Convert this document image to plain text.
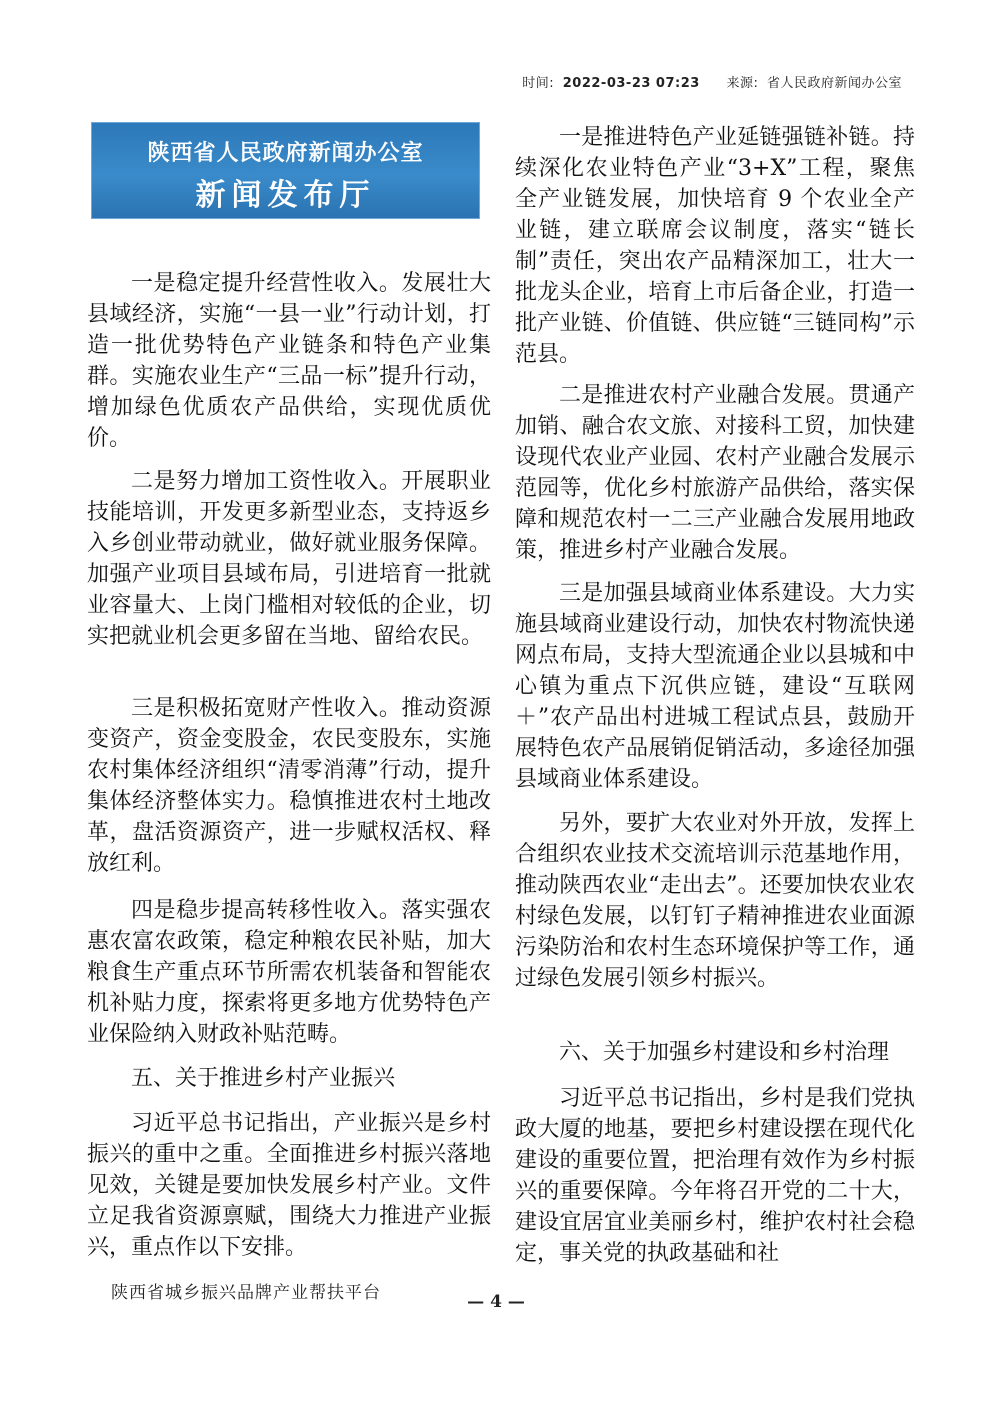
时间: 2022-03-23 07:23 来源: 省人民政府新闻办公室
陕西省人民政府新闻办公室
新闻发布厅

一是稳定提升经营性收入。发展壮大县域经济，实施“一县一业”行动计划，打造一批优势特色产业链条和特色产业集群。实施农业生产“三品一标”提升行动，增加绿色优质农产品供给，实现优质优价。

二是努力增加工资性收入。开展职业技能培训，开发更多新型业态，支持返乡入乡创业带动就业，做好就业服务保障。加强产业项目县域布局，引进培育一批就业容量大、上岗门槛相对较低的企业，切实把就业机会更多留在当地、留给农民。

三是积极拓宽财产性收入。推动资源变资产，资金变股金，农民变股东，实施农村集体经济组织“清零消薄”行动，提升集体经济整体实力。稳慎推进农村土地改革，盘活资源资产，进一步赋权活权、释放红利。

四是稳步提高转移性收入。落实强农惠农富农政策，稳定种粮农民补贴，加大粮食生产重点环节所需农机装备和智能农机补贴力度，探索将更多地方优势特色产业保险纳入财政补贴范畴。

五、关于推进乡村产业振兴

习近平总书记指出，产业振兴是乡村振兴的重中之重。全面推进乡村振兴落地见效，关键是要加快发展乡村产业。文件立足我省资源禀赋，围绕大力推进产业振兴，重点作以下安排。

一是推进特色产业延链强链补链。持续深化农业特色产业“3+X”工程，聚焦全产业链发展，加快培育 9 个农业全产业链，建立联席会议制度，落实“链长制”责任，突出农产品精深加工，壮大一批龙头企业，培育上市后备企业，打造一批产业链、价值链、供应链“三链同构”示范县。

二是推进农村产业融合发展。贯通产加销、融合农文旅、对接科工贸，加快建设现代农业产业园、农村产业融合发展示范园等，优化乡村旅游产品供给，落实保障和规范农村一二三产业融合发展用地政策，推进乡村产业融合发展。

三是加强县域商业体系建设。大力实施县域商业建设行动，加快农村物流快递网点布局，支持大型流通企业以县城和中心镇为重点下沉供应链，建设“互联网＋”农产品出村进城工程试点县，鼓励开展特色农产品展销促销活动，多途径加强县域商业体系建设。

另外，要扩大农业对外开放，发挥上合组织农业技术交流培训示范基地作用，推动陕西农业“走出去”。还要加快农业农村绿色发展，以钉钉子精神推进农业面源污染防治和农村生态环境保护等工作，通过绿色发展引领乡村振兴。

六、关于加强乡村建设和乡村治理

习近平总书记指出，乡村是我们党执政大厦的地基，要把乡村建设摆在现代化建设的重要位置，把治理有效作为乡村振兴的重要保障。今年将召开党的二十大，建设宜居宜业美丽乡村，维护农村社会稳定，事关党的执政基础和社

陕西省城乡振兴品牌产业帮扶平台	— 4 —
